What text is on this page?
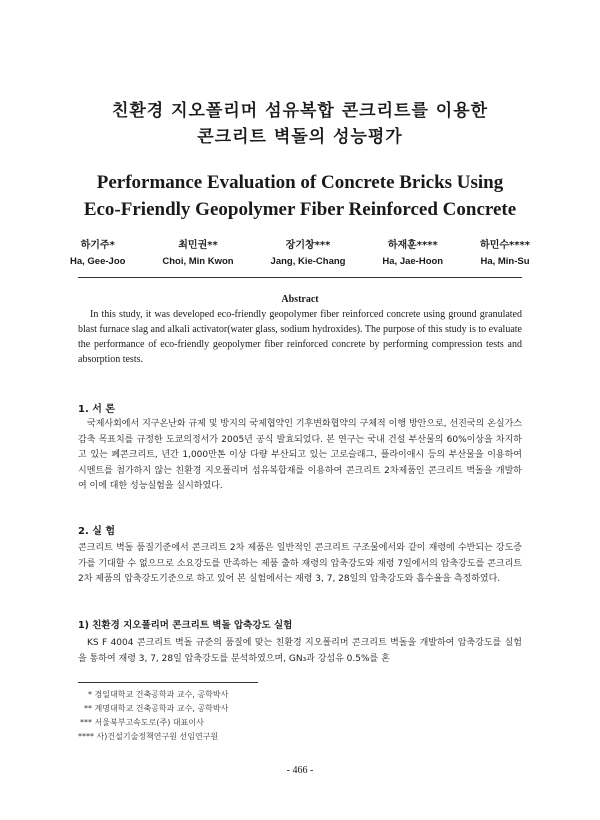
친환경 지오폴리머 섬유복합 콘크리트를 이용한
콘크리트 벽돌의 성능평가
Performance Evaluation of Concrete Bricks Using
Eco-Friendly Geopolymer Fiber Reinforced Concrete
하기주*
Ha, Gee-Joo
최민권**
Choi, Min Kwon
장기창***
Jang, Kie-Chang
하재훈****
Ha, Jae-Hoon
하민수****
Ha, Min-Su
Abstract
In this study, it was developed eco-friendly geopolymer fiber reinforced concrete using ground granulated blast furnace slag and alkali activator(water glass, sodium hydroxides). The purpose of this study is to evaluate the performance of eco-friendly geopolymer fiber reinforced concrete by performing compression tests and absorption tests.
1. 서 론
국제사회에서 지구온난화 규제 및 방지의 국제협약인 기후변화협약의 구체적 이행 방안으로, 선진국의 온실가스 감축 목표치를 규정한 도쿄의정서가 2005년 공식 발효되었다. 본 연구는 국내 건설 부산물의 60%이상을 차지하고 있는 폐콘크리트, 년간 1,000만톤 이상 다량 부산되고 있는 고로슬래그, 플라이애시 등의 부산물을 이용하여 시멘트를 첨가하지 않는 친환경 지오폴리머 섬유복합재를 이용하여 콘크리트 2차제품인 콘크리트 벽돌을 개발하여 이에 대한 성능실험을 실시하였다.
2. 실 험
콘크리트 벽돌 품질기준에서 콘크리트 2차 제품은 일반적인 콘크리트 구조물에서와 같이 재령에 수반되는 강도증가를 기대할 수 없으므로 소요강도를 만족하는 제품 출하 재령의 압축강도와 재령 7일에서의 압축강도를 콘크리트 2차 제품의 압축강도기준으로 하고 있어 본 실험에서는 재령 3, 7, 28일의 압축강도와 흡수율을 측정하였다.
1) 친환경 지오폴리머 콘크리트 벽돌 압축강도 실험
KS F 4004 콘크리트 벽돌 규준의 품질에 맞는 친환경 지오폴리머 콘크리트 벽돌을 개발하여 압축강도를 실험을 통하여 재령 3, 7, 28일 압축강도를 분석하였으며, GN₃과 강섬유 0.5%를 혼
* 경일대학교 건축공학과 교수, 공학박사
** 계명대학교 건축공학과 교수, 공학박사
*** 서울북부고속도로(주) 대표이사
**** 사)건설기술정책연구원 선임연구원
- 466 -
